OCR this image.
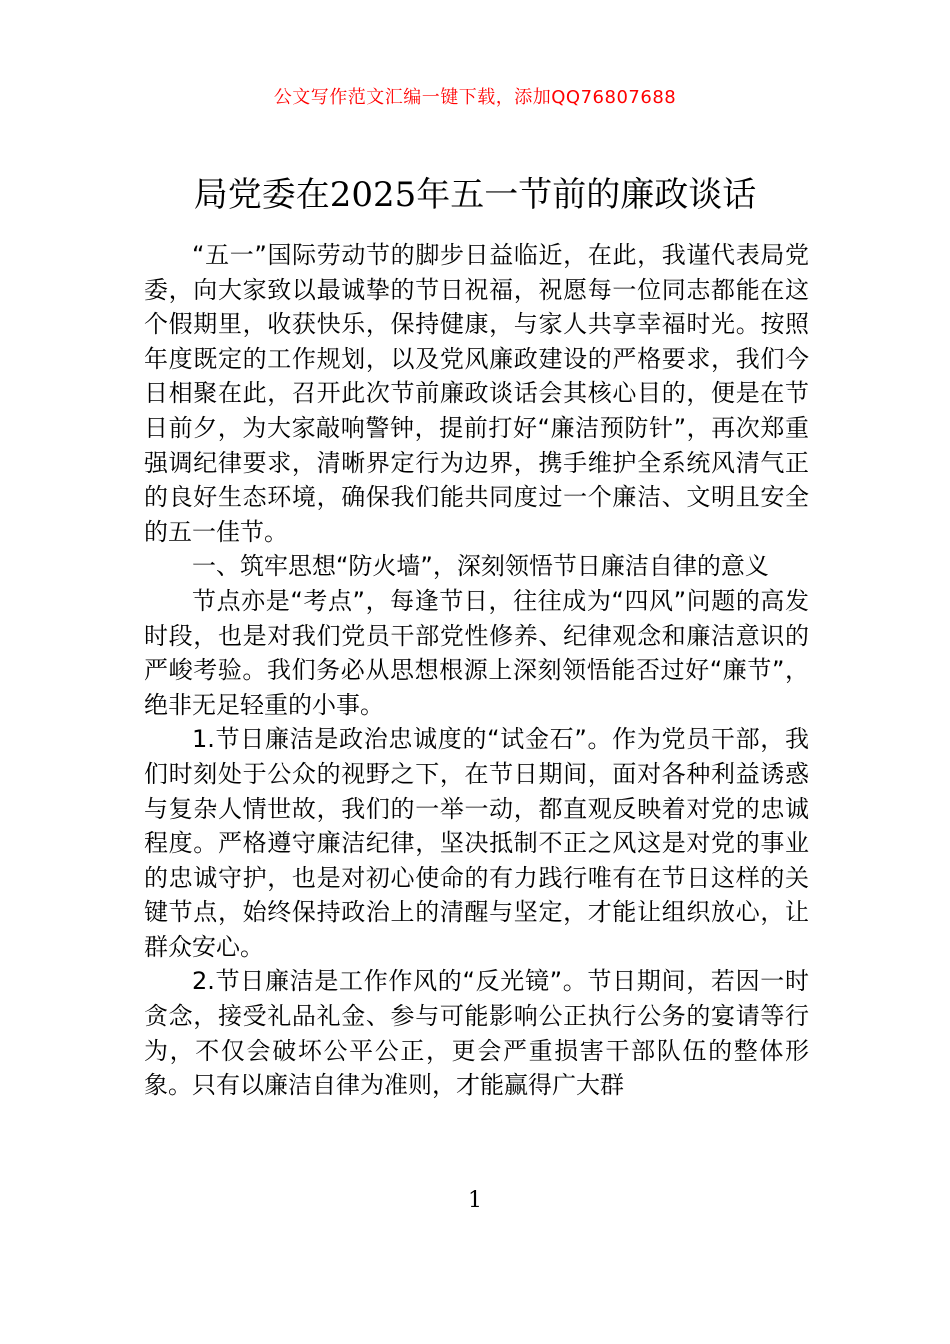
公文写作范文汇编一键下载，添加QQ76807688
局党委在2025年五一节前的廉政谈话

“五一”国际劳动节的脚步日益临近，在此，我谨代表局党委，向大家致以最诚挚的节日祝福，祝愿每一位同志都能在这个假期里，收获快乐，保持健康，与家人共享幸福时光。按照年度既定的工作规划，以及党风廉政建设的严格要求，我们今日相聚在此，召开此次节前廉政谈话会其核心目的，便是在节日前夕，为大家敲响警钟，提前打好“廉洁预防针”，再次郑重强调纪律要求，清晰界定行为边界，携手维护全系统风清气正的良好生态环境，确保我们能共同度过一个廉洁、文明且安全的五一佳节。

一、筑牢思想“防火墙”，深刻领悟节日廉洁自律的意义

节点亦是“考点”，每逢节日，往往成为“四风”问题的高发时段，也是对我们党员干部党性修养、纪律观念和廉洁意识的严峻考验。我们务必从思想根源上深刻领悟能否过好“廉节”，绝非无足轻重的小事。

1.节日廉洁是政治忠诚度的“试金石”。作为党员干部，我们时刻处于公众的视野之下，在节日期间，面对各种利益诱惑与复杂人情世故，我们的一举一动，都直观反映着对党的忠诚程度。严格遵守廉洁纪律，坚决抵制不正之风这是对党的事业的忠诚守护，也是对初心使命的有力践行唯有在节日这样的关键节点，始终保持政治上的清醒与坚定，才能让组织放心，让群众安心。

2.节日廉洁是工作作风的“反光镜”。节日期间，若因一时贪念，接受礼品礼金、参与可能影响公正执行公务的宴请等行为，不仅会破坏公平公正，更会严重损害干部队伍的整体形象。只有以廉洁自律为准则，才能赢得广大群

1
